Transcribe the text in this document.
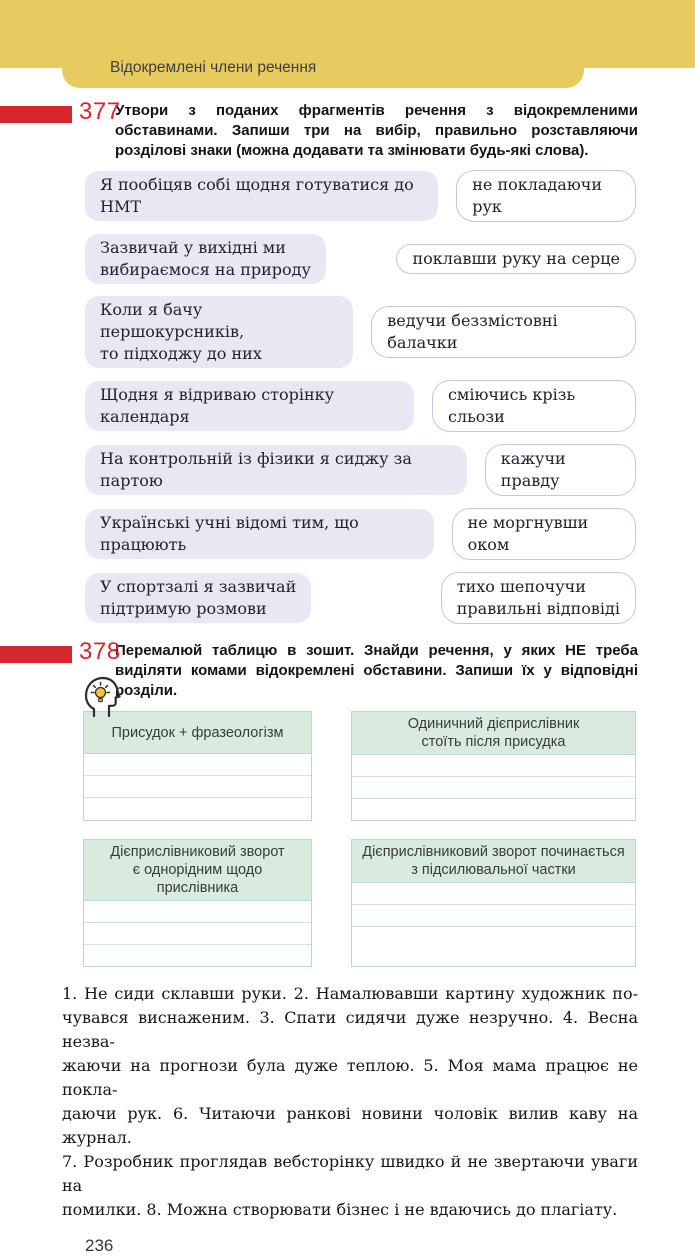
Відокремлені члени речення
377

Утвори з поданих фрагментів речення з відокремленими обставинами. Запиши три на вибір, правильно розставляючи розділові знаки (можна додавати та змінювати будь-які слова).

Я пообіцяв собі щодня готуватися до НМТ
не покладаючи рук
Зазвичай у вихідні ми
вибираємося на природу
поклавши руку на серце
Коли я бачу першокурсників,
то підходжу до них
ведучи беззмістовні балачки
Щодня я відриваю сторінку календаря
сміючись крізь сльози
На контрольній із фізики я сиджу за партою
кажучи правду
Українські учні відомі тим, що працюють
не моргнувши оком
У спортзалі я зазвичай
підтримую розмови
тихо шепочучи
правильні відповіді
378

Перемалюй таблицю в зошит. Знайди речення, у яких НЕ треба виділяти комами відокремлені обставини. Запиши їх у відповідні розділи.

Присудок + фразеологізм
Одиничний дієприслівник
стоїть після присудка
Дієприслівниковий зворот
є однорідним щодо прислівника
Дієприслівниковий зворот починається
з підсилювальної частки
1. Не сиди склавши руки. 2. Намалювавши картину художник по-
чувався виснаженим. 3. Спати сидячи дуже незручно. 4. Весна незва-
жаючи на прогнози була дуже теплою. 5. Моя мама працює не покла-
даючи рук. 6. Читаючи ранкові новини чоловік вилив каву на журнал.
7. Розробник проглядав вебсторінку швидко й не звертаючи уваги на
помилки. 8. Можна створювати бізнес і не вдаючись до плагіату.
236
